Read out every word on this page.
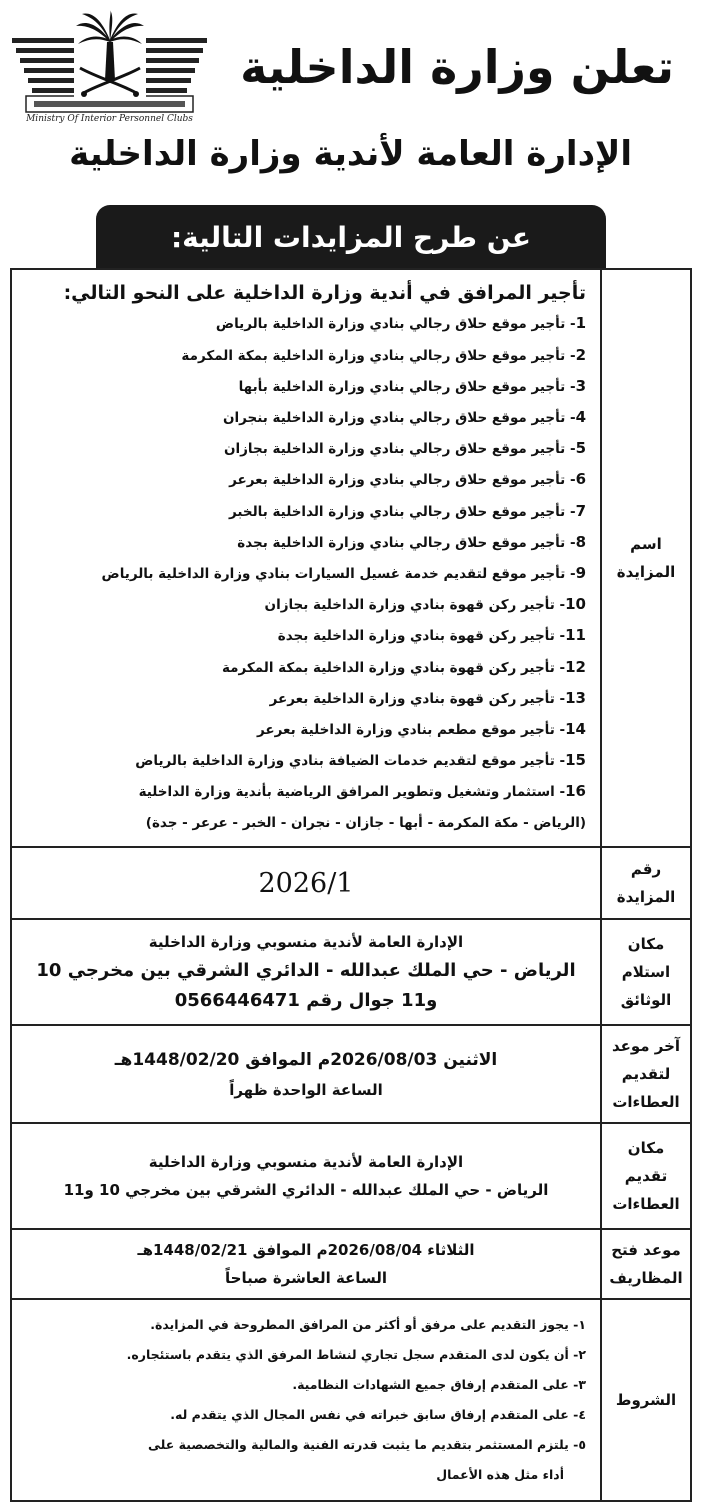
Ministry Of Interior Personnel Clubs
تعلن وزارة الداخلية
الإدارة العامة لأندية وزارة الداخلية
عن طرح المزايدات التالية:
اسم
المزايدة
تأجير المرافق في أندية وزارة الداخلية على النحو التالي:
1- تأجير موقع حلاق رجالي بنادي وزارة الداخلية بالرياض
2- تأجير موقع حلاق رجالي بنادي وزارة الداخلية بمكة المكرمة
3- تأجير موقع حلاق رجالي بنادي وزارة الداخلية بأبها
4- تأجير موقع حلاق رجالي بنادي وزارة الداخلية بنجران
5- تأجير موقع حلاق رجالي بنادي وزارة الداخلية بجازان
6- تأجير موقع حلاق رجالي بنادي وزارة الداخلية بعرعر
7- تأجير موقع حلاق رجالي بنادي وزارة الداخلية بالخبر
8- تأجير موقع حلاق رجالي بنادي وزارة الداخلية بجدة
9- تأجير موقع لتقديم خدمة غسيل السيارات بنادي وزارة الداخلية بالرياض
10- تأجير ركن قهوة بنادي وزارة الداخلية بجازان
11- تأجير ركن قهوة بنادي وزارة الداخلية بجدة
12- تأجير ركن قهوة بنادي وزارة الداخلية بمكة المكرمة
13- تأجير ركن قهوة بنادي وزارة الداخلية بعرعر
14- تأجير موقع مطعم بنادي وزارة الداخلية بعرعر
15- تأجير موقع لتقديم خدمات الضيافة بنادي وزارة الداخلية بالرياض
16- استثمار وتشغيل وتطوير المرافق الرياضية بأندية وزارة الداخلية
(الرياض - مكة المكرمة - أبها - جازان - نجران - الخبر - عرعر - جدة)
رقم
المزايدة
2026/1
مكان
استلام
الوثائق
الإدارة العامة لأندية منسوبي وزارة الداخلية
الرياض - حي الملك عبدالله - الدائري الشرقي بين مخرجي 10
و11 جوال رقم 0566446471
آخر موعد
لتقديم
العطاءات
الاثنين 2026/08/03م الموافق 1448/02/20هـ
الساعة الواحدة ظهراً
مكان
تقديم
العطاءات
الإدارة العامة لأندية منسوبي وزارة الداخلية
الرياض - حي الملك عبدالله - الدائري الشرقي بين مخرجي 10 و11
موعد فتح
المظاريف
الثلاثاء 2026/08/04م الموافق 1448/02/21هـ
الساعة العاشرة صباحاً
الشروط
١- يجوز التقديم على مرفق أو أكثر من المرافق المطروحة في المزايدة.
٢- أن يكون لدى المتقدم سجل تجاري لنشاط المرفق الذي يتقدم باستئجاره.
٣- على المتقدم إرفاق جميع الشهادات النظامية.
٤- على المتقدم إرفاق سابق خبراته في نفس المجال الذي يتقدم له.
٥- يلتزم المستثمر بتقديم ما يثبت قدرته الفنية والمالية والتخصصية على
أداء مثل هذه الأعمال
